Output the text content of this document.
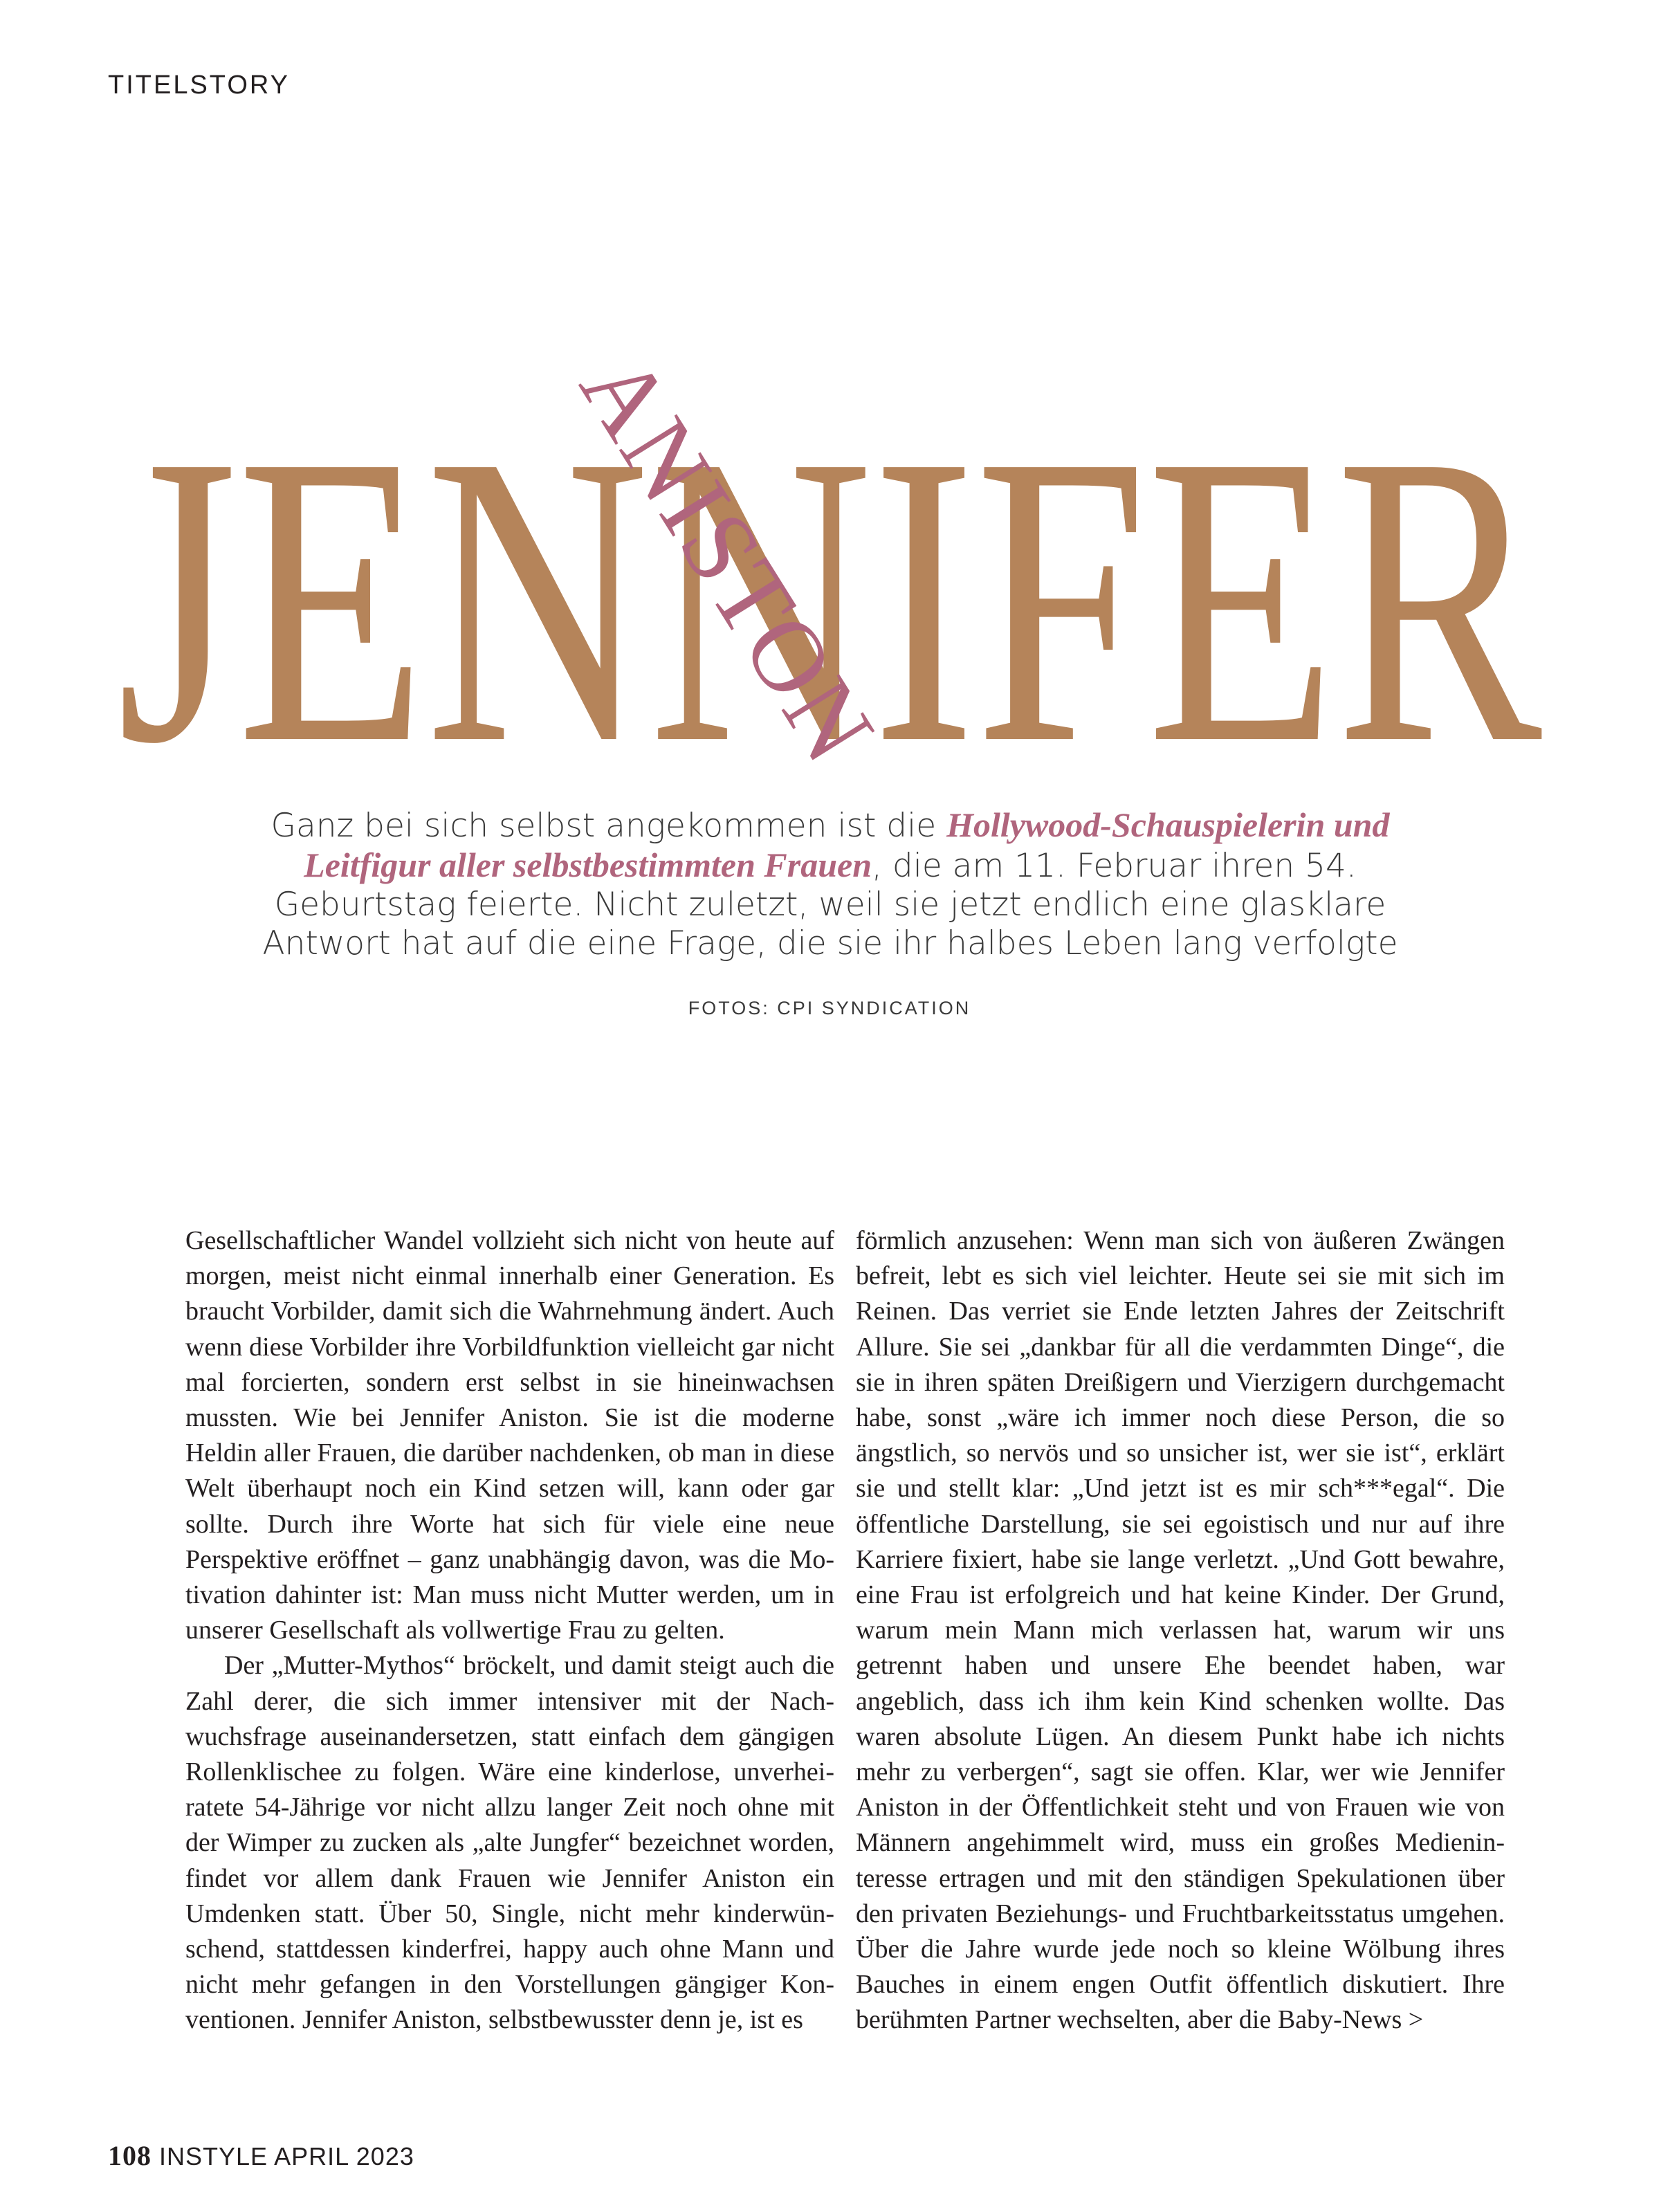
TITELSTORY
JENNIFER
ANISTON
Ganz bei sich selbst angekommen ist die Hollywood-Schauspielerin und Leitfigur aller selbstbestimmten Frauen, die am 11. Februar ihren 54. Geburtstag feierte. Nicht zuletzt, weil sie jetzt endlich eine glasklare Antwort hat auf die eine Frage, die sie ihr halbes Leben lang verfolgte
FOTOS: CPI SYNDICATION

Gesellschaftlicher Wandel vollzieht sich nicht von heute auf morgen, meist nicht einmal innerhalb einer Generation. Es braucht Vorbilder, damit sich die Wahrnehmung ändert. Auch wenn diese Vorbilder ihre Vorbildfunktion vielleicht gar nicht mal forcierten, sondern erst selbst in sie hineinwachsen mussten. Wie bei Jennifer Aniston. Sie ist die moderne Heldin aller Frauen, die darüber nachdenken, ob man in diese Welt überhaupt noch ein Kind setzen will, kann oder gar sollte. Durch ihre Worte hat sich für viele eine neue Perspektive eröffnet – ganz unabhängig davon, was die Motivation dahinter ist: Man muss nicht Mutter werden, um in unserer Gesellschaft als vollwertige Frau zu gelten.

Der „Mutter-Mythos“ bröckelt, und damit steigt auch die Zahl derer, die sich immer intensiver mit der Nachwuchsfrage auseinandersetzen, statt einfach dem gängigen Rollenklischee zu folgen. Wäre eine kinderlose, unverheiratete 54-Jährige vor nicht allzu langer Zeit noch ohne mit der Wimper zu zucken als „alte Jungfer“ bezeichnet worden, findet vor allem dank Frauen wie Jennifer Aniston ein Umdenken statt. Über 50, Single, nicht mehr kinderwünschend, stattdessen kinderfrei, happy auch ohne Mann und nicht mehr gefangen in den Vorstellungen gängiger Konventionen. Jennifer Aniston, selbstbewusster denn je, ist es

förmlich anzusehen: Wenn man sich von äußeren Zwängen befreit, lebt es sich viel leichter. Heute sei sie mit sich im Reinen. Das verriet sie Ende letzten Jahres der Zeitschrift Allure. Sie sei „dankbar für all die verdammten Dinge“, die sie in ihren späten Dreißigern und Vierzigern durchgemacht habe, sonst „wäre ich immer noch diese Person, die so ängstlich, so nervös und so unsicher ist, wer sie ist“, erklärt sie und stellt klar: „Und jetzt ist es mir sch***egal“. Die öffentliche Darstellung, sie sei egoistisch und nur auf ihre Karriere fixiert, habe sie lange verletzt. „Und Gott bewahre, eine Frau ist erfolgreich und hat keine Kinder. Der Grund, warum mein Mann mich verlassen hat, warum wir uns getrennt haben und unsere Ehe beendet haben, war angeblich, dass ich ihm kein Kind schenken wollte. Das waren absolute Lügen. An diesem Punkt habe ich nichts mehr zu verbergen“, sagt sie offen. Klar, wer wie Jennifer Aniston in der Öffentlichkeit steht und von Frauen wie von Männern angehimmelt wird, muss ein großes Medieninteresse ertragen und mit den ständigen Spekulationen über den privaten Beziehungs- und Fruchtbarkeitsstatus umgehen. Über die Jahre wurde jede noch so kleine Wölbung ihres Bauches in einem engen Outfit öffentlich diskutiert. Ihre berühmten Partner wechselten, aber die Baby-News >

108 INSTYLE APRIL 2023
